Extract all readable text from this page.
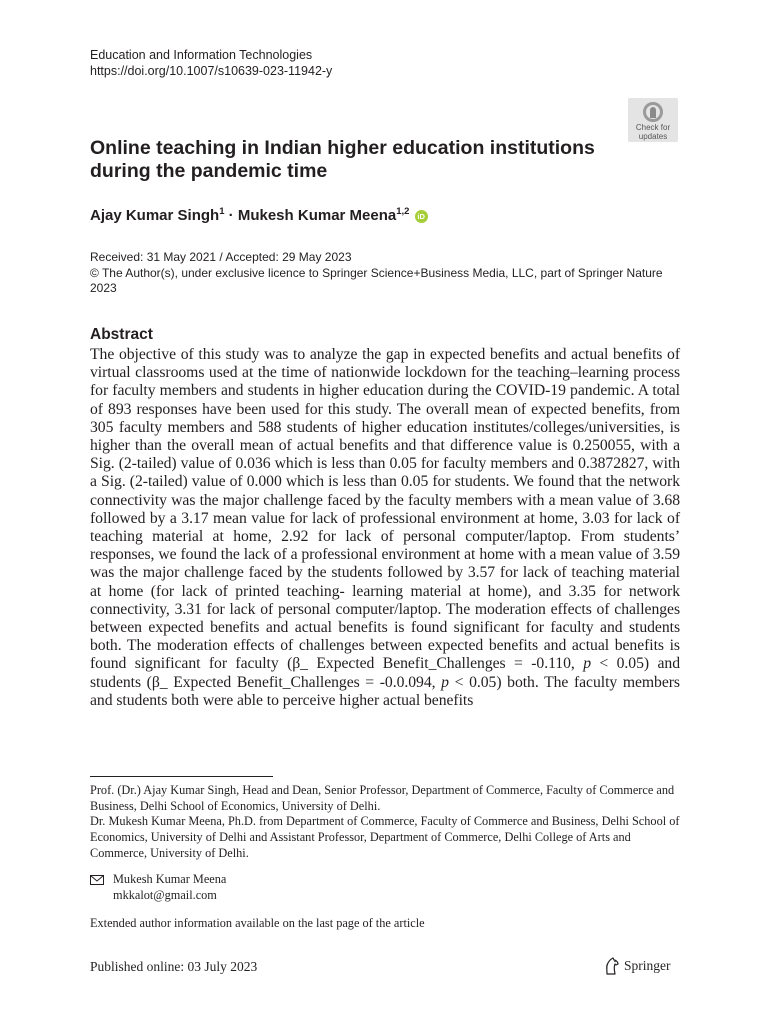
Education and Information Technologies
https://doi.org/10.1007/s10639-023-11942-y
Check for
updates
Online teaching in Indian higher education institutions during the pandemic time
Ajay Kumar Singh$^1$ · Mukesh Kumar Meena$^{1,2}$ iD
Received: 31 May 2021 / Accepted: 29 May 2023
© The Author(s), under exclusive licence to Springer Science+Business Media, LLC, part of Springer Nature 2023
Abstract

The objective of this study was to analyze the gap in expected benefits and actual benefits of virtual classrooms used at the time of nationwide lockdown for the teaching–learning process for faculty members and students in higher education during the COVID-19 pandemic. A total of 893 responses have been used for this study. The overall mean of expected benefits, from 305 faculty members and 588 students of higher education institutes/colleges/universities, is higher than the overall mean of actual benefits and that difference value is 0.250055, with a Sig. (2-tailed) value of 0.036 which is less than 0.05 for faculty members and 0.3872827, with a Sig. (2-tailed) value of 0.000 which is less than 0.05 for students. We found that the network connectivity was the major challenge faced by the faculty members with a mean value of 3.68 followed by a 3.17 mean value for lack of professional environment at home, 3.03 for lack of teaching material at home, 2.92 for lack of personal computer/laptop. From students’ responses, we found the lack of a professional environment at home with a mean value of 3.59 was the major challenge faced by the students followed by 3.57 for lack of teaching material at home (for lack of printed teaching- learning material at home), and 3.35 for network connectivity, 3.31 for lack of personal computer/laptop. The moderation effects of challenges between expected benefits and actual benefits is found significant for faculty and students both. The moderation effects of challenges between expected benefits and actual benefits is found significant for faculty (β_ Expected Benefit_Challenges = -0.110, p < 0.05) and students (β_ Expected Benefit_Challenges = -0.0.094, p < 0.05) both. The faculty members and students both were able to perceive higher actual benefits

Prof. (Dr.) Ajay Kumar Singh, Head and Dean, Senior Professor, Department of Commerce, Faculty of Commerce and Business, Delhi School of Economics, University of Delhi.

Dr. Mukesh Kumar Meena, Ph.D. from Department of Commerce, Faculty of Commerce and Business, Delhi School of Economics, University of Delhi and Assistant Professor, Department of Commerce, Delhi College of Arts and Commerce, University of Delhi.

Mukesh Kumar Meena
mkkalot@gmail.com
Extended author information available on the last page of the article
Published online: 03 July 2023	Springer
